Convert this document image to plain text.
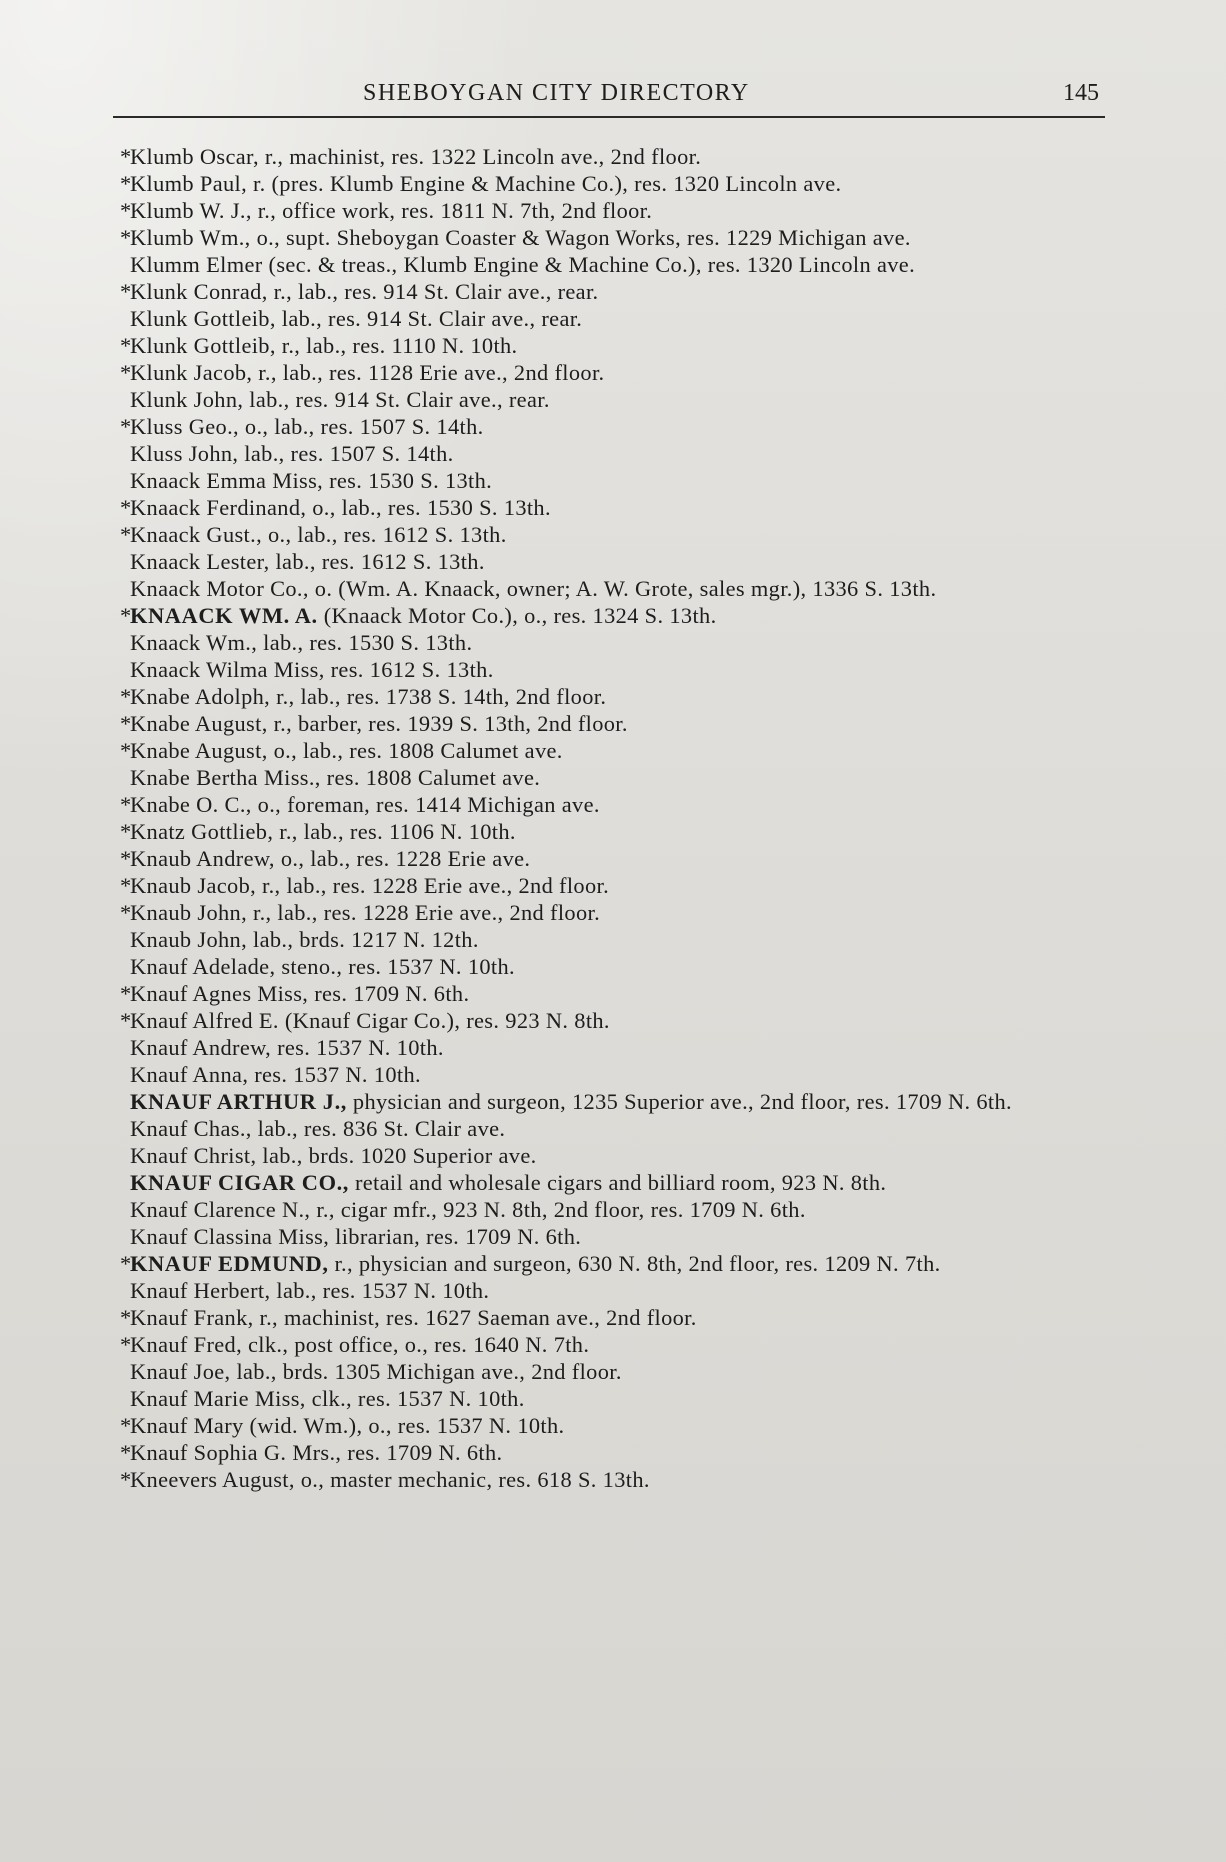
SHEBOYGAN CITY DIRECTORY	145

*Klumb Oscar, r., machinist, res. 1322 Lincoln ave., 2nd floor.

*Klumb Paul, r. (pres. Klumb Engine & Machine Co.), res. 1320 Lincoln ave.

*Klumb W. J., r., office work, res. 1811 N. 7th, 2nd floor.

*Klumb Wm., o., supt. Sheboygan Coaster & Wagon Works, res. 1229 Michigan ave.

Klumm Elmer (sec. & treas., Klumb Engine & Machine Co.), res. 1320 Lincoln ave.

*Klunk Conrad, r., lab., res. 914 St. Clair ave., rear.

Klunk Gottleib, lab., res. 914 St. Clair ave., rear.

*Klunk Gottleib, r., lab., res. 1110 N. 10th.

*Klunk Jacob, r., lab., res. 1128 Erie ave., 2nd floor.

Klunk John, lab., res. 914 St. Clair ave., rear.

*Kluss Geo., o., lab., res. 1507 S. 14th.

Kluss John, lab., res. 1507 S. 14th.

Knaack Emma Miss, res. 1530 S. 13th.

*Knaack Ferdinand, o., lab., res. 1530 S. 13th.

*Knaack Gust., o., lab., res. 1612 S. 13th.

Knaack Lester, lab., res. 1612 S. 13th.

Knaack Motor Co., o. (Wm. A. Knaack, owner; A. W. Grote, sales mgr.), 1336 S. 13th.

*KNAACK WM. A. (Knaack Motor Co.), o., res. 1324 S. 13th.

Knaack Wm., lab., res. 1530 S. 13th.

Knaack Wilma Miss, res. 1612 S. 13th.

*Knabe Adolph, r., lab., res. 1738 S. 14th, 2nd floor.

*Knabe August, r., barber, res. 1939 S. 13th, 2nd floor.

*Knabe August, o., lab., res. 1808 Calumet ave.

Knabe Bertha Miss., res. 1808 Calumet ave.

*Knabe O. C., o., foreman, res. 1414 Michigan ave.

*Knatz Gottlieb, r., lab., res. 1106 N. 10th.

*Knaub Andrew, o., lab., res. 1228 Erie ave.

*Knaub Jacob, r., lab., res. 1228 Erie ave., 2nd floor.

*Knaub John, r., lab., res. 1228 Erie ave., 2nd floor.

Knaub John, lab., brds. 1217 N. 12th.

Knauf Adelade, steno., res. 1537 N. 10th.

*Knauf Agnes Miss, res. 1709 N. 6th.

*Knauf Alfred E. (Knauf Cigar Co.), res. 923 N. 8th.

Knauf Andrew, res. 1537 N. 10th.

Knauf Anna, res. 1537 N. 10th.

KNAUF ARTHUR J., physician and surgeon, 1235 Superior ave., 2nd floor, res. 1709 N. 6th.

Knauf Chas., lab., res. 836 St. Clair ave.

Knauf Christ, lab., brds. 1020 Superior ave.

KNAUF CIGAR CO., retail and wholesale cigars and billiard room, 923 N. 8th.

Knauf Clarence N., r., cigar mfr., 923 N. 8th, 2nd floor, res. 1709 N. 6th.

Knauf Classina Miss, librarian, res. 1709 N. 6th.

*KNAUF EDMUND, r., physician and surgeon, 630 N. 8th, 2nd floor, res. 1209 N. 7th.

Knauf Herbert, lab., res. 1537 N. 10th.

*Knauf Frank, r., machinist, res. 1627 Saeman ave., 2nd floor.

*Knauf Fred, clk., post office, o., res. 1640 N. 7th.

Knauf Joe, lab., brds. 1305 Michigan ave., 2nd floor.

Knauf Marie Miss, clk., res. 1537 N. 10th.

*Knauf Mary (wid. Wm.), o., res. 1537 N. 10th.

*Knauf Sophia G. Mrs., res. 1709 N. 6th.

*Kneevers August, o., master mechanic, res. 618 S. 13th.
